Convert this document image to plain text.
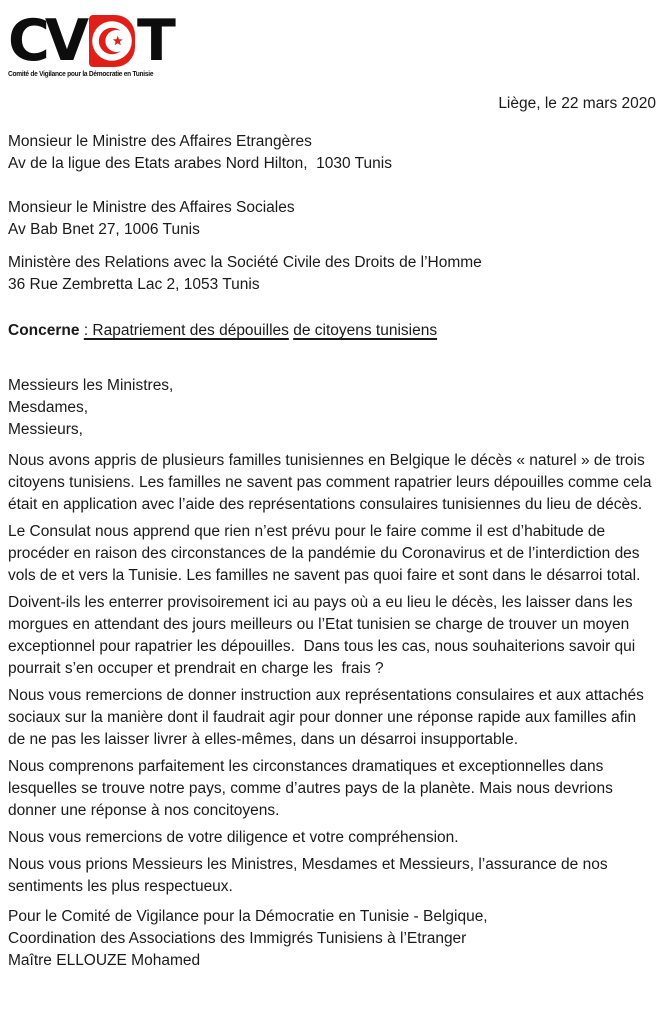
CV T
Comité de Vigilance pour la Démocratie en Tunisie
Liège, le 22 mars 2020
Monsieur le Ministre des Affaires Etrangères
Av de la ligue des Etats arabes Nord Hilton,  1030 Tunis
Monsieur le Ministre des Affaires Sociales
Av Bab Bnet 27, 1006 Tunis
Ministère des Relations avec la Société Civile des Droits de l’Homme
36 Rue Zembretta Lac 2, 1053 Tunis
Concerne : Rapatriement des dépouilles de citoyens tunisiens
Messieurs les Ministres,
Mesdames,
Messieurs,

Nous avons appris de plusieurs familles tunisiennes en Belgique le décès « naturel » de trois citoyens tunisiens. Les familles ne savent pas comment rapatrier leurs dépouilles comme cela était en application avec l’aide des représentations consulaires tunisiennes du lieu de décès.

Le Consulat nous apprend que rien n’est prévu pour le faire comme il est d’habitude de procéder en raison des circonstances de la pandémie du Coronavirus et de l’interdiction des vols de et vers la Tunisie. Les familles ne savent pas quoi faire et sont dans le désarroi total.

Doivent-ils les enterrer provisoirement ici au pays où a eu lieu le décès, les laisser dans les morgues en attendant des jours meilleurs ou l’Etat tunisien se charge de trouver un moyen exceptionnel pour rapatrier les dépouilles.  Dans tous les cas, nous souhaiterions savoir qui pourrait s’en occuper et prendrait en charge les  frais ?

Nous vous remercions de donner instruction aux représentations consulaires et aux attachés sociaux sur la manière dont il faudrait agir pour donner une réponse rapide aux familles afin de ne pas les laisser livrer à elles-mêmes, dans un désarroi insupportable.

Nous comprenons parfaitement les circonstances dramatiques et exceptionnelles dans lesquelles se trouve notre pays, comme d’autres pays de la planète. Mais nous devrions donner une réponse à nos concitoyens.

Nous vous remercions de votre diligence et votre compréhension.

Nous vous prions Messieurs les Ministres, Mesdames et Messieurs, l’assurance de nos sentiments les plus respectueux.

Pour le Comité de Vigilance pour la Démocratie en Tunisie - Belgique,
Coordination des Associations des Immigrés Tunisiens à l’Etranger
Maître ELLOUZE Mohamed
